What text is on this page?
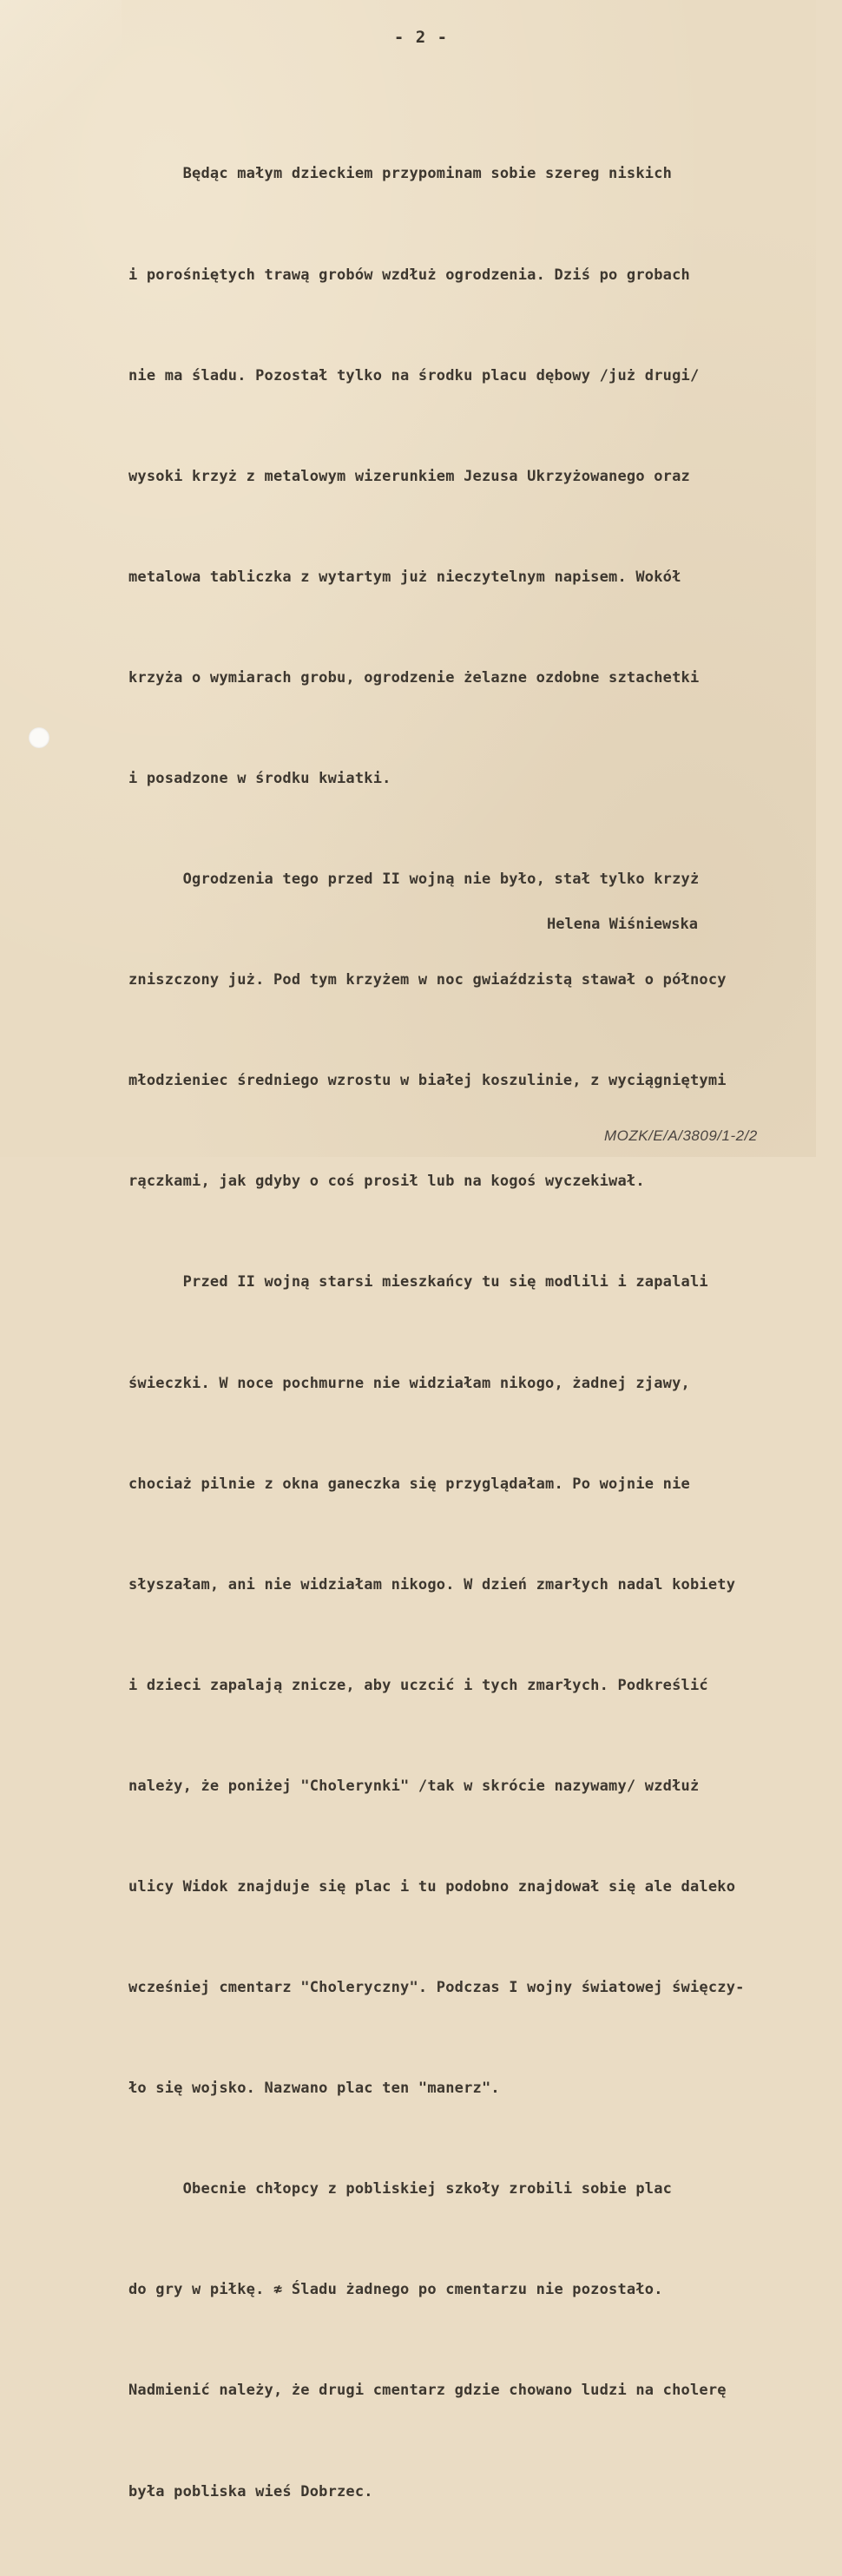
- 2 -

Będąc małym dzieckiem przypominam sobie szereg niskich

i porośniętych trawą grobów wzdłuż ogrodzenia. Dziś po grobach

nie ma śladu. Pozostał tylko na środku placu dębowy /już drugi/

wysoki krzyż z metalowym wizerunkiem Jezusa Ukrzyżowanego oraz

metalowa tabliczka z wytartym już nieczytelnym napisem. Wokół

krzyża o wymiarach grobu, ogrodzenie żelazne ozdobne sztachetki

i posadzone w środku kwiatki.

Ogrodzenia tego przed II wojną nie było, stał tylko krzyż

zniszczony już. Pod tym krzyżem w noc gwiaździstą stawał o północy

młodzieniec średniego wzrostu w białej koszulinie, z wyciągniętymi

rączkami, jak gdyby o coś prosił lub na kogoś wyczekiwał.

Przed II wojną starsi mieszkańcy tu się modlili i zapalali

świeczki. W noce pochmurne nie widziałam nikogo, żadnej zjawy,

chociaż pilnie z okna ganeczka się przyglądałam. Po wojnie nie

słyszałam, ani nie widziałam nikogo. W dzień zmarłych nadal kobiety

i dzieci zapalają znicze, aby uczcić i tych zmarłych. Podkreślić

należy, że poniżej "Cholerynki" /tak w skrócie nazywamy/ wzdłuż

ulicy Widok znajduje się plac i tu podobno znajdował się ale daleko

wcześniej cmentarz "Choleryczny". Podczas I wojny światowej święczy-

ło się wojsko. Nazwano plac ten "manerz".

Obecnie chłopcy z pobliskiej szkoły zrobili sobie plac

do gry w piłkę. ≉ Śladu żadnego po cmentarzu nie pozostało.

Nadmienić należy, że drugi cmentarz gdzie chowano ludzi na cholerę

była pobliska wieś Dobrzec.

Helena Wiśniewska
MOZK/E/A/3809/1-2/2
